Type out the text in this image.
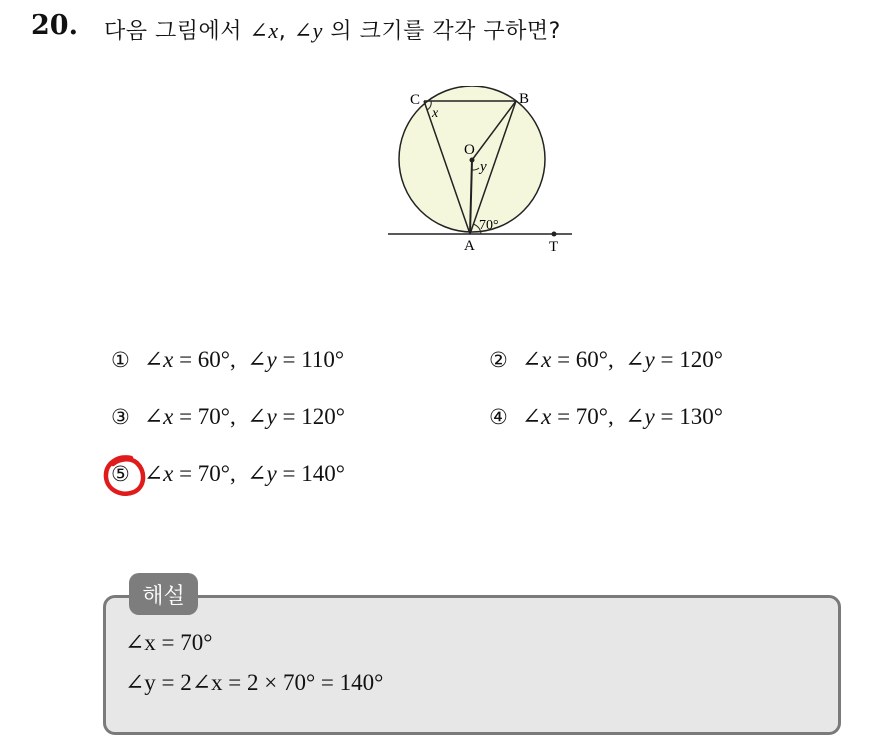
20. 다음 그림에서 ∠x, ∠y 의 크기를 각각 구하면?
C	B
O
A	T
x
y
70°
① ∠x = 60°,  ∠y = 110°	② ∠x = 60°,  ∠y = 120°
③ ∠x = 70°,  ∠y = 120°	④ ∠x = 70°,  ∠y = 130°
⑤ ∠x = 70°,  ∠y = 140°
해설
∠x = 70°
∠y = 2∠x = 2 × 70° = 140°
